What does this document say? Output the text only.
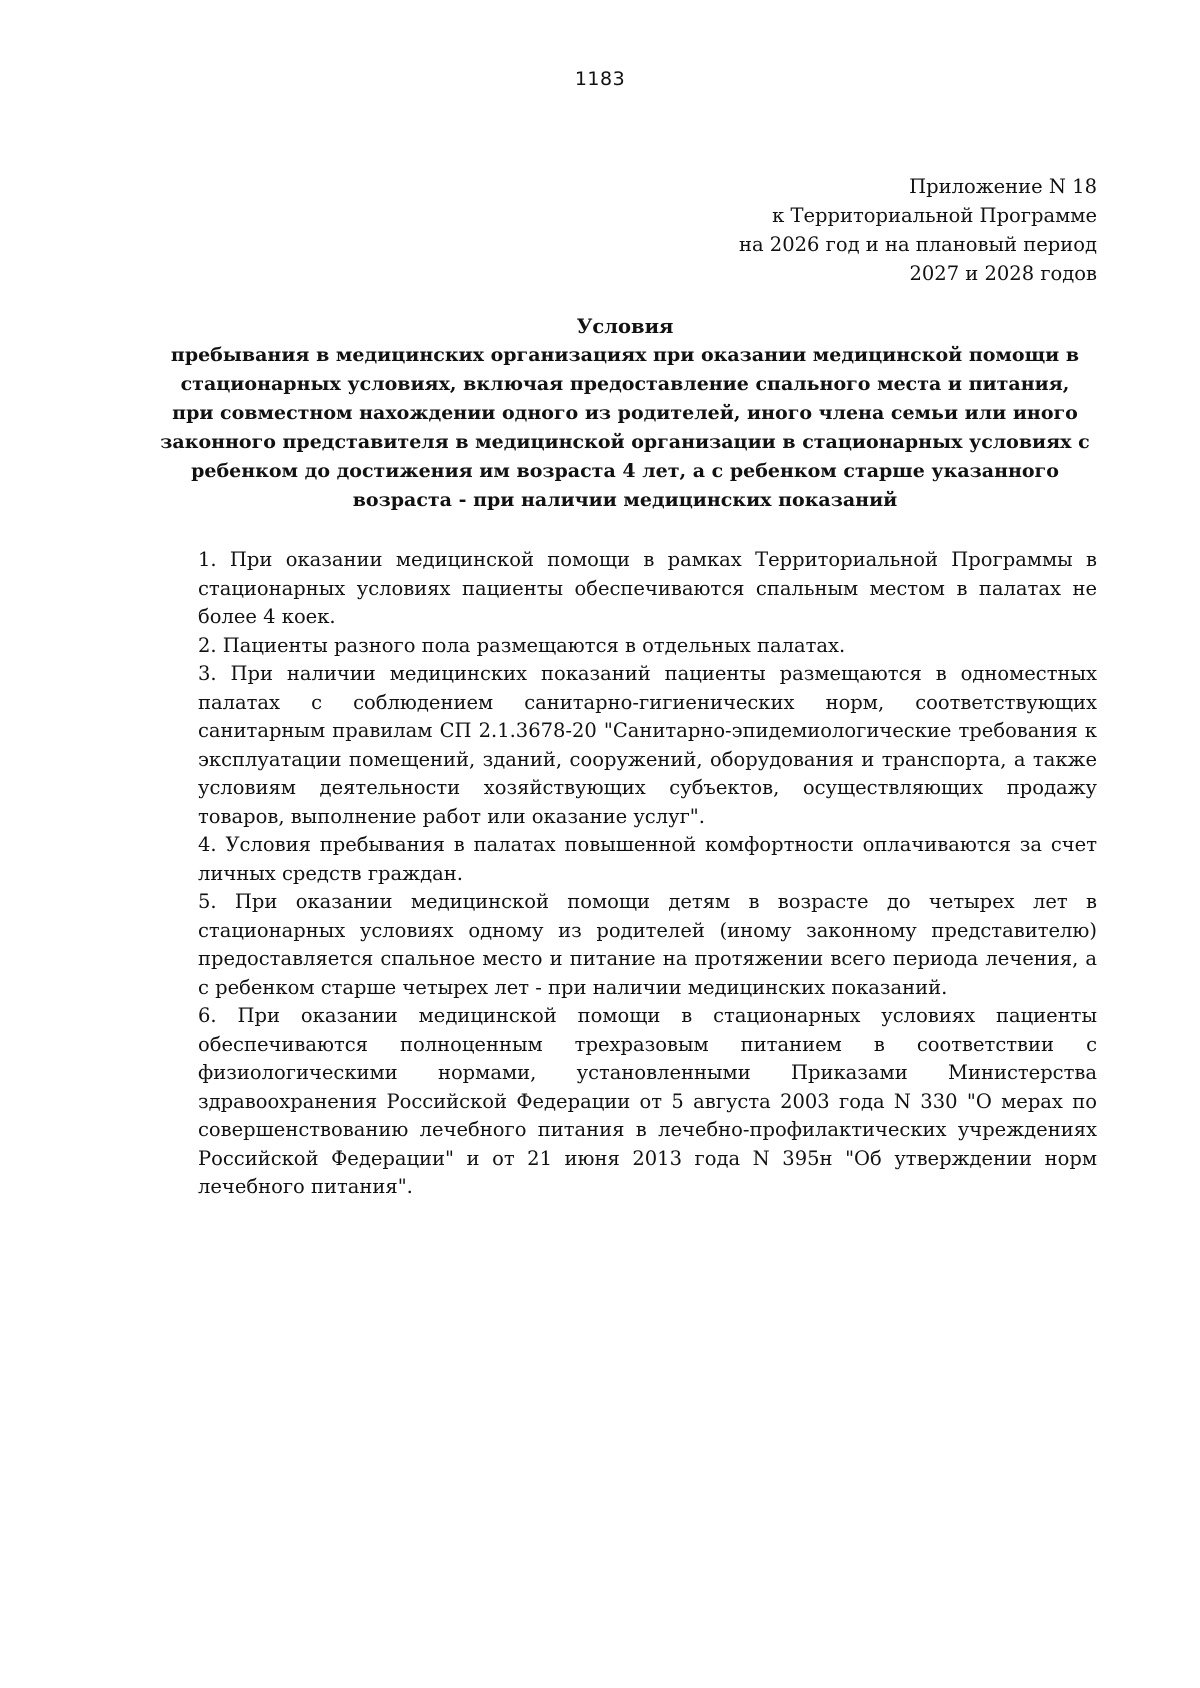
1183
Приложение N 18
к Территориальной Программе
на 2026 год и на плановый период
2027 и 2028 годов
Условия
пребывания в медицинских организациях при оказании медицинской помощи в стационарных условиях, включая предоставление спального места и питания, при совместном нахождении одного из родителей, иного члена семьи или иного законного представителя в медицинской организации в стационарных условиях с ребенком до достижения им возраста 4 лет, а с ребенком старше указанного возраста - при наличии медицинских показаний

1. При оказании медицинской помощи в рамках Территориальной Программы в стационарных условиях пациенты обеспечиваются спальным местом в палатах не более 4 коек.

2. Пациенты разного пола размещаются в отдельных палатах.

3. При наличии медицинских показаний пациенты размещаются в одноместных палатах с соблюдением санитарно-гигиенических норм, соответствующих санитарным правилам СП 2.1.3678-20 "Санитарно-эпидемиологические требования к эксплуатации помещений, зданий, сооружений, оборудования и транспорта, а также условиям деятельности хозяйствующих субъектов, осуществляющих продажу товаров, выполнение работ или оказание услуг".

4. Условия пребывания в палатах повышенной комфортности оплачиваются за счет личных средств граждан.

5. При оказании медицинской помощи детям в возрасте до четырех лет в стационарных условиях одному из родителей (иному законному представителю) предоставляется спальное место и питание на протяжении всего периода лечения, а с ребенком старше четырех лет - при наличии медицинских показаний.

6. При оказании медицинской помощи в стационарных условиях пациенты обеспечиваются полноценным трехразовым питанием в соответствии с физиологическими нормами, установленными Приказами Министерства здравоохранения Российской Федерации от 5 августа 2003 года N 330 "О мерах по совершенствованию лечебного питания в лечебно-профилактических учреждениях Российской Федерации" и от 21 июня 2013 года N 395н "Об утверждении норм лечебного питания".
